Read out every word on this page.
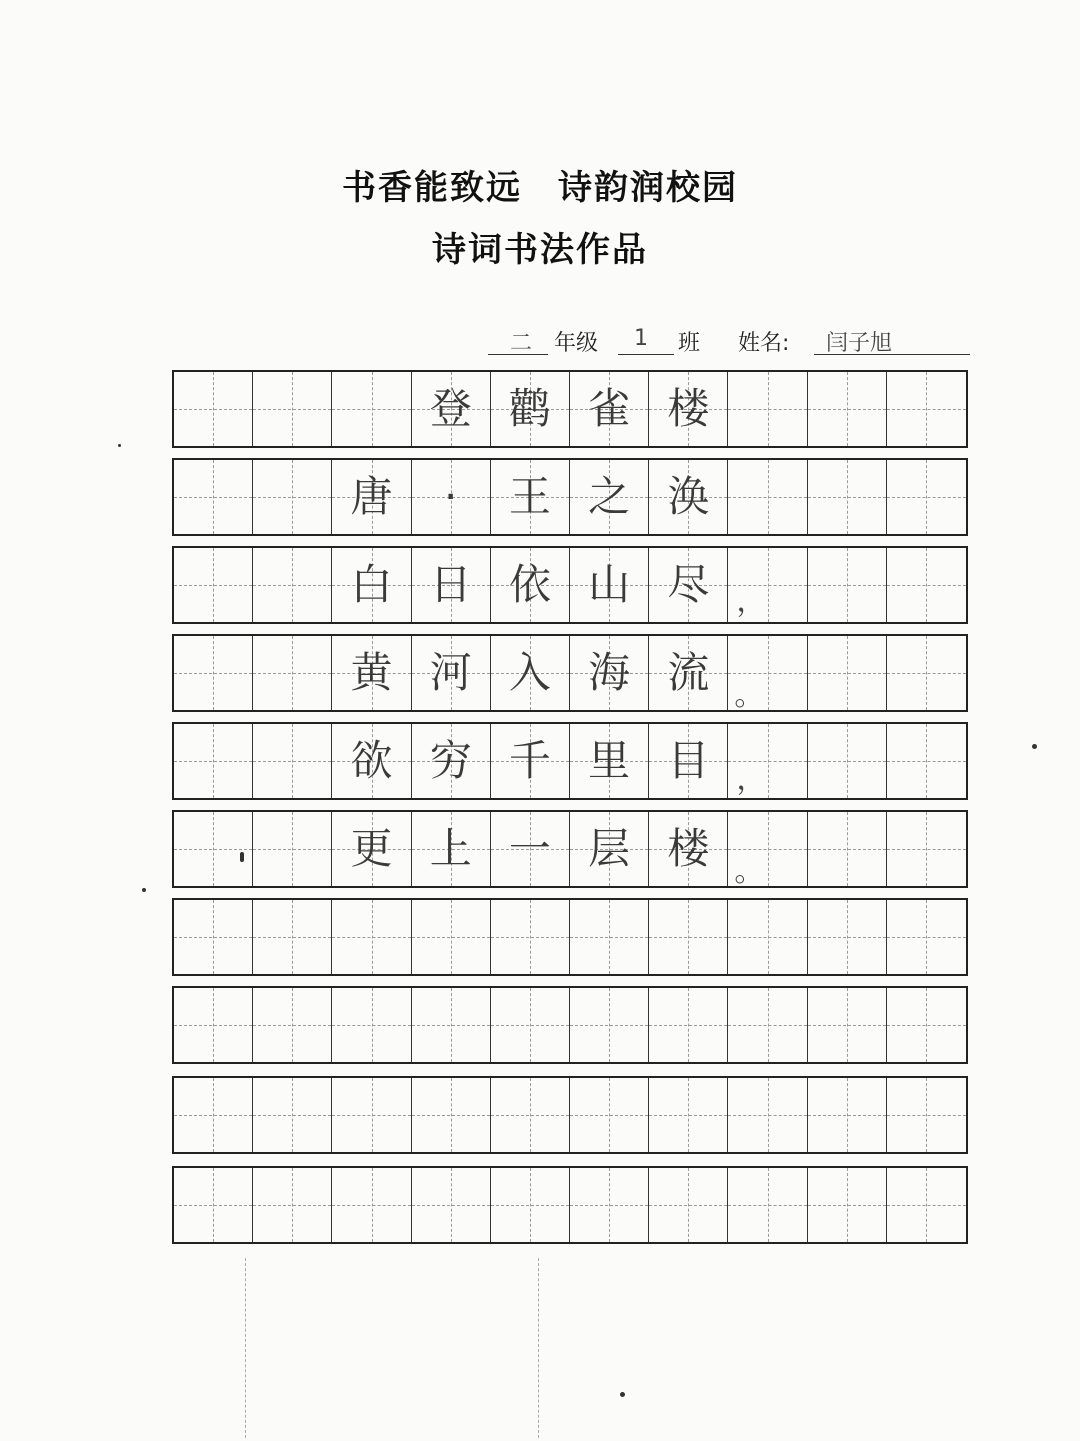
书香能致远　诗韵润校园
诗词书法作品
二 年级 1 班 姓名: 闫子旭
登 鹳 雀 楼
唐 · 王 之 涣
白 日 依 山 尽 ，
黄 河 入 海 流 。
欲 穷 千 里 目 ，
更 上 一 层 楼 。
